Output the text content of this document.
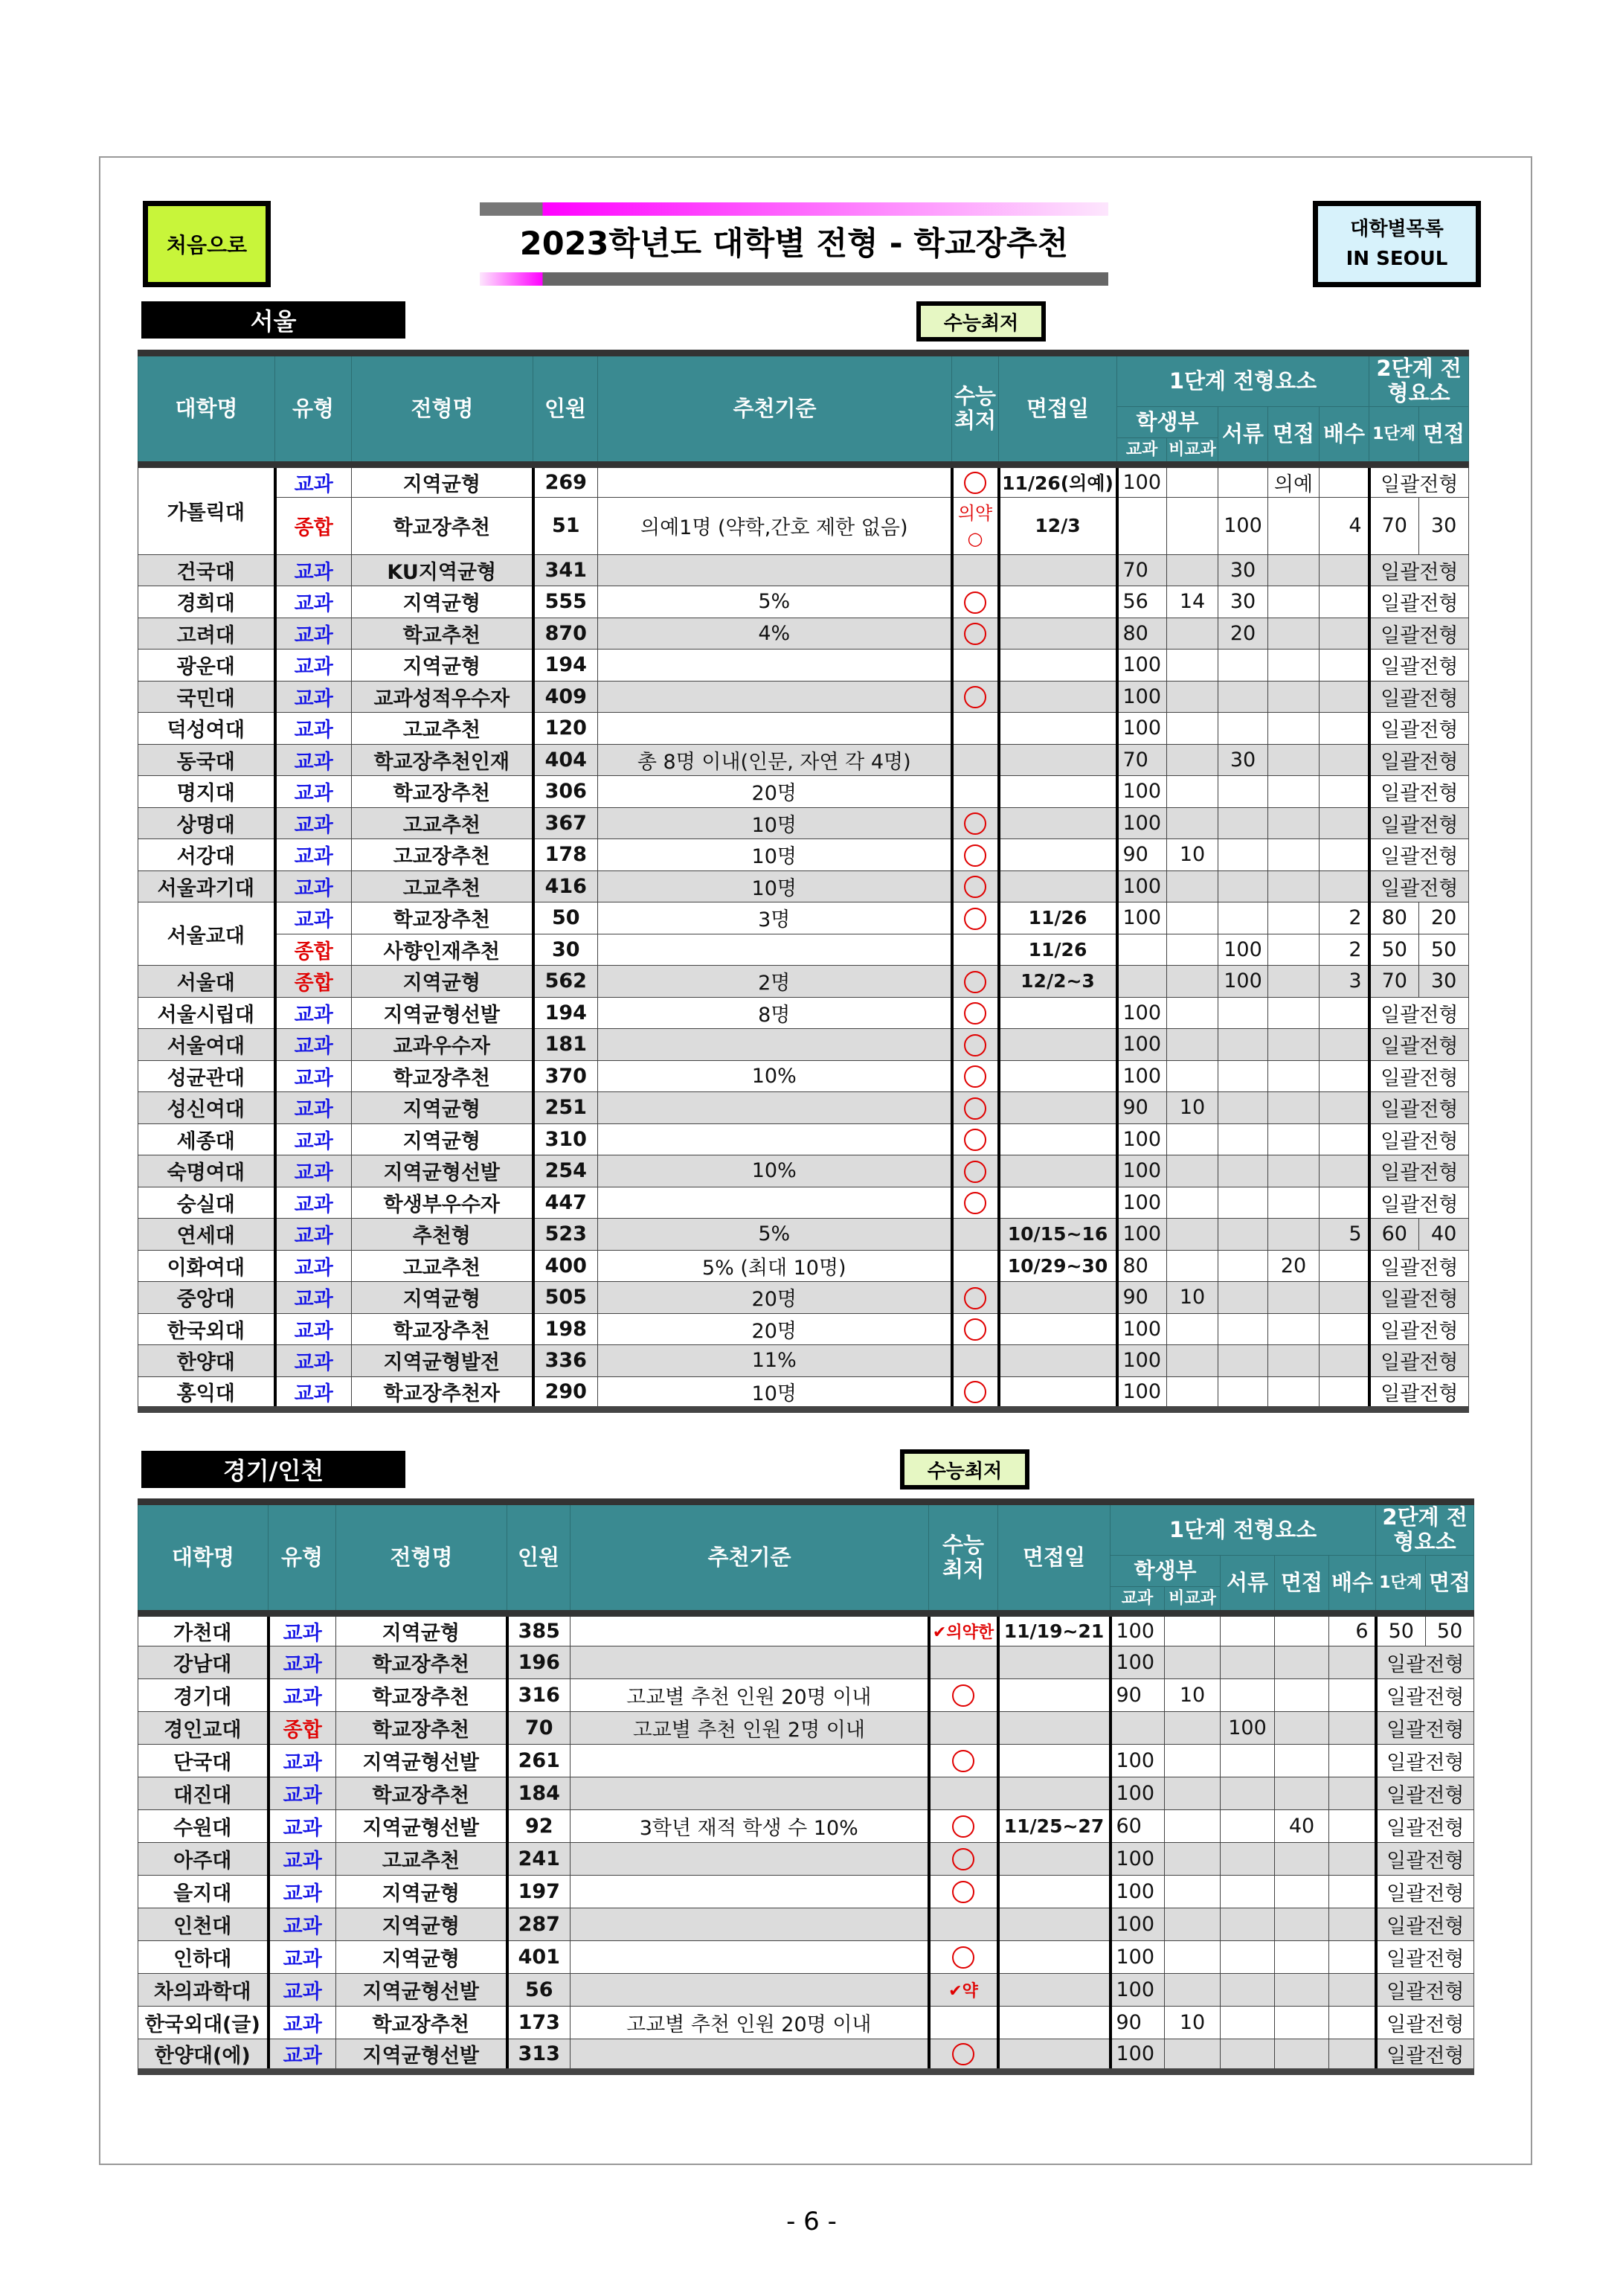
처음으로	2023학년도 대학별 전형 - 학교장추천	대학별목록
IN SEOUL
서울	수능최저
대학명	유형	전형명	인원	추천기준	수능 최저	면접일	1단계 전형요소					2단계 전형요소	
							학생부		서류	면접	배수	1단계	면접
							교과	비교과					
가톨릭대	교과	지역균형	269			11/26(의예)	100			의예		일괄전형	
	종합	학교장추천	51	의예1명 (약학,간호 제한 없음)	의약○	12/3			100		4	70	30
건국대	교과	KU지역균형	341				70		30			일괄전형	
경희대	교과	지역균형	555	5%			56	14	30			일괄전형	
고려대	교과	학교추천	870	4%			80		20			일괄전형	
광운대	교과	지역균형	194				100					일괄전형	
국민대	교과	교과성적우수자	409				100					일괄전형	
덕성여대	교과	고교추천	120				100					일괄전형	
동국대	교과	학교장추천인재	404	총 8명 이내(인문, 자연 각 4명)			70		30			일괄전형	
명지대	교과	학교장추천	306	20명			100					일괄전형	
상명대	교과	고교추천	367	10명			100					일괄전형	
서강대	교과	고교장추천	178	10명			90	10				일괄전형	
서울과기대	교과	고교추천	416	10명			100					일괄전형	
서울교대	교과	학교장추천	50	3명		11/26	100				2	80	20
	종합	사향인재추천	30			11/26			100		2	50	50
서울대	종합	지역균형	562	2명		12/2~3			100		3	70	30
서울시립대	교과	지역균형선발	194	8명			100					일괄전형	
서울여대	교과	교과우수자	181				100					일괄전형	
성균관대	교과	학교장추천	370	10%			100					일괄전형	
성신여대	교과	지역균형	251				90	10				일괄전형	
세종대	교과	지역균형	310				100					일괄전형	
숙명여대	교과	지역균형선발	254	10%			100					일괄전형	
숭실대	교과	학생부우수자	447				100					일괄전형	
연세대	교과	추천형	523	5%		10/15~16	100				5	60	40
이화여대	교과	고교추천	400	5% (최대 10명)		10/29~30	80			20		일괄전형	
중앙대	교과	지역균형	505	20명			90	10				일괄전형	
한국외대	교과	학교장추천	198	20명			100					일괄전형	
한양대	교과	지역균형발전	336	11%			100					일괄전형	
홍익대	교과	학교장추천자	290	10명			100					일괄전형	
경기/인천	수능최저
대학명	유형	전형명	인원	추천기준	수능 최저	면접일	1단계 전형요소					2단계 전형요소	
							학생부		서류	면접	배수	1단계	면접
							교과	비교과					
가천대	교과	지역균형	385		✔의약한	11/19~21	100				6	50	50
강남대	교과	학교장추천	196				100					일괄전형	
경기대	교과	학교장추천	316	고교별 추천 인원 20명 이내			90	10				일괄전형	
경인교대	종합	학교장추천	70	고교별 추천 인원 2명 이내					100			일괄전형	
단국대	교과	지역균형선발	261				100					일괄전형	
대진대	교과	학교장추천	184				100					일괄전형	
수원대	교과	지역균형선발	92	3학년 재적 학생 수 10%		11/25~27	60			40		일괄전형	
아주대	교과	고교추천	241				100					일괄전형	
을지대	교과	지역균형	197				100					일괄전형	
인천대	교과	지역균형	287				100					일괄전형	
인하대	교과	지역균형	401				100					일괄전형	
차의과학대	교과	지역균형선발	56		✔약		100					일괄전형	
한국외대(글)	교과	학교장추천	173	고교별 추천 인원 20명 이내			90	10				일괄전형	
한양대(에)	교과	지역균형선발	313				100					일괄전형	
- 6 -
